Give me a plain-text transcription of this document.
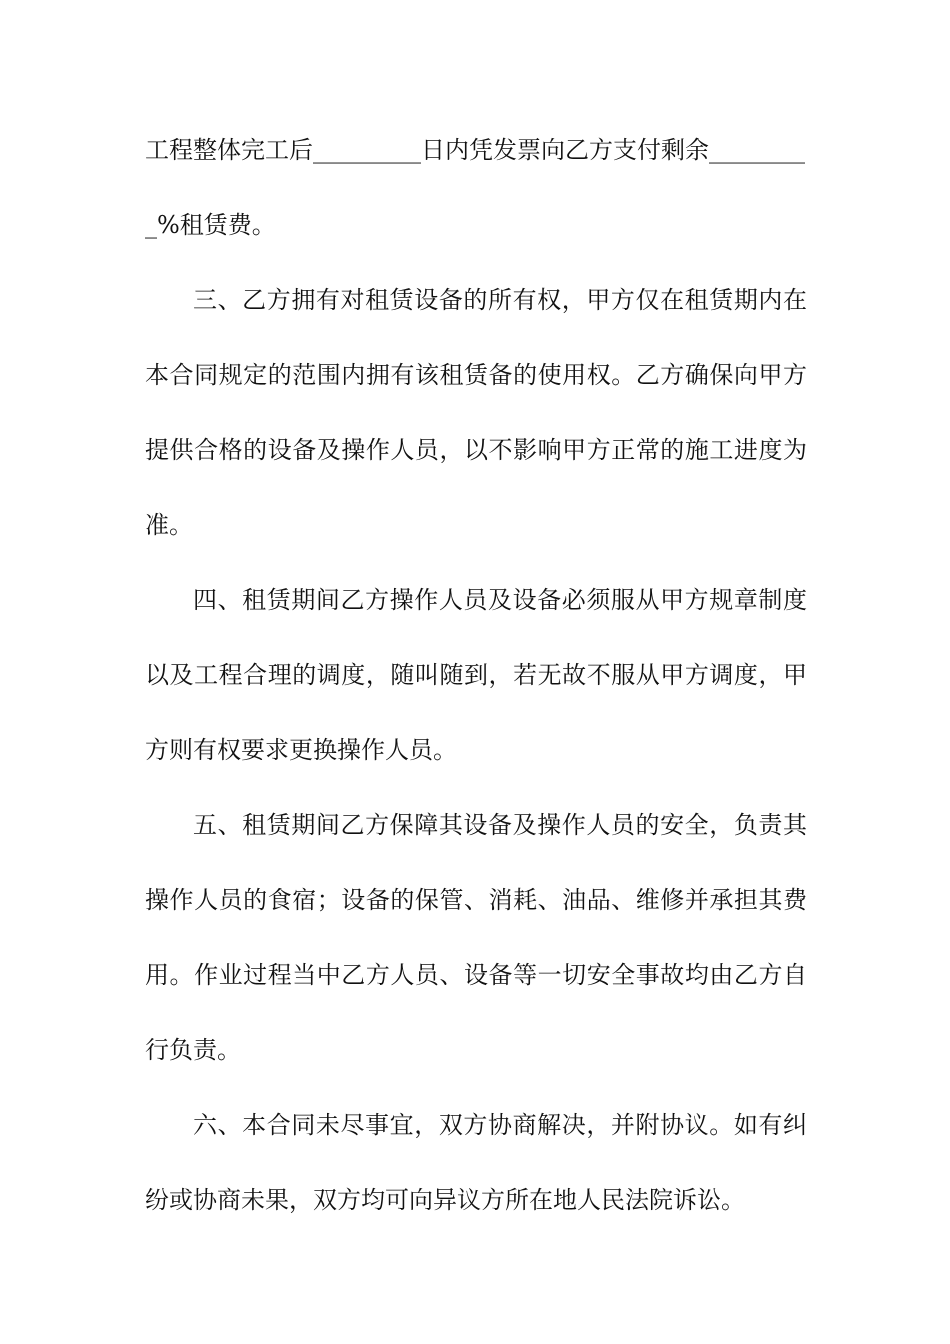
工程整体完工后_________日内凭发票向乙方支付剩余________
_%租赁费。

三、乙方拥有对租赁设备的所有权，甲方仅在租赁期内在本合同规定的范围内拥有该租赁备的使用权。乙方确保向甲方提供合格的设备及操作人员，以不影响甲方正常的施工进度为准。

四、租赁期间乙方操作人员及设备必须服从甲方规章制度以及工程合理的调度，随叫随到，若无故不服从甲方调度，甲方则有权要求更换操作人员。

五、租赁期间乙方保障其设备及操作人员的安全，负责其操作人员的食宿；设备的保管、消耗、油品、维修并承担其费用。作业过程当中乙方人员、设备等一切安全事故均由乙方自行负责。

六、本合同未尽事宜，双方协商解决，并附协议。如有纠纷或协商未果，双方均可向异议方所在地人民法院诉讼。
